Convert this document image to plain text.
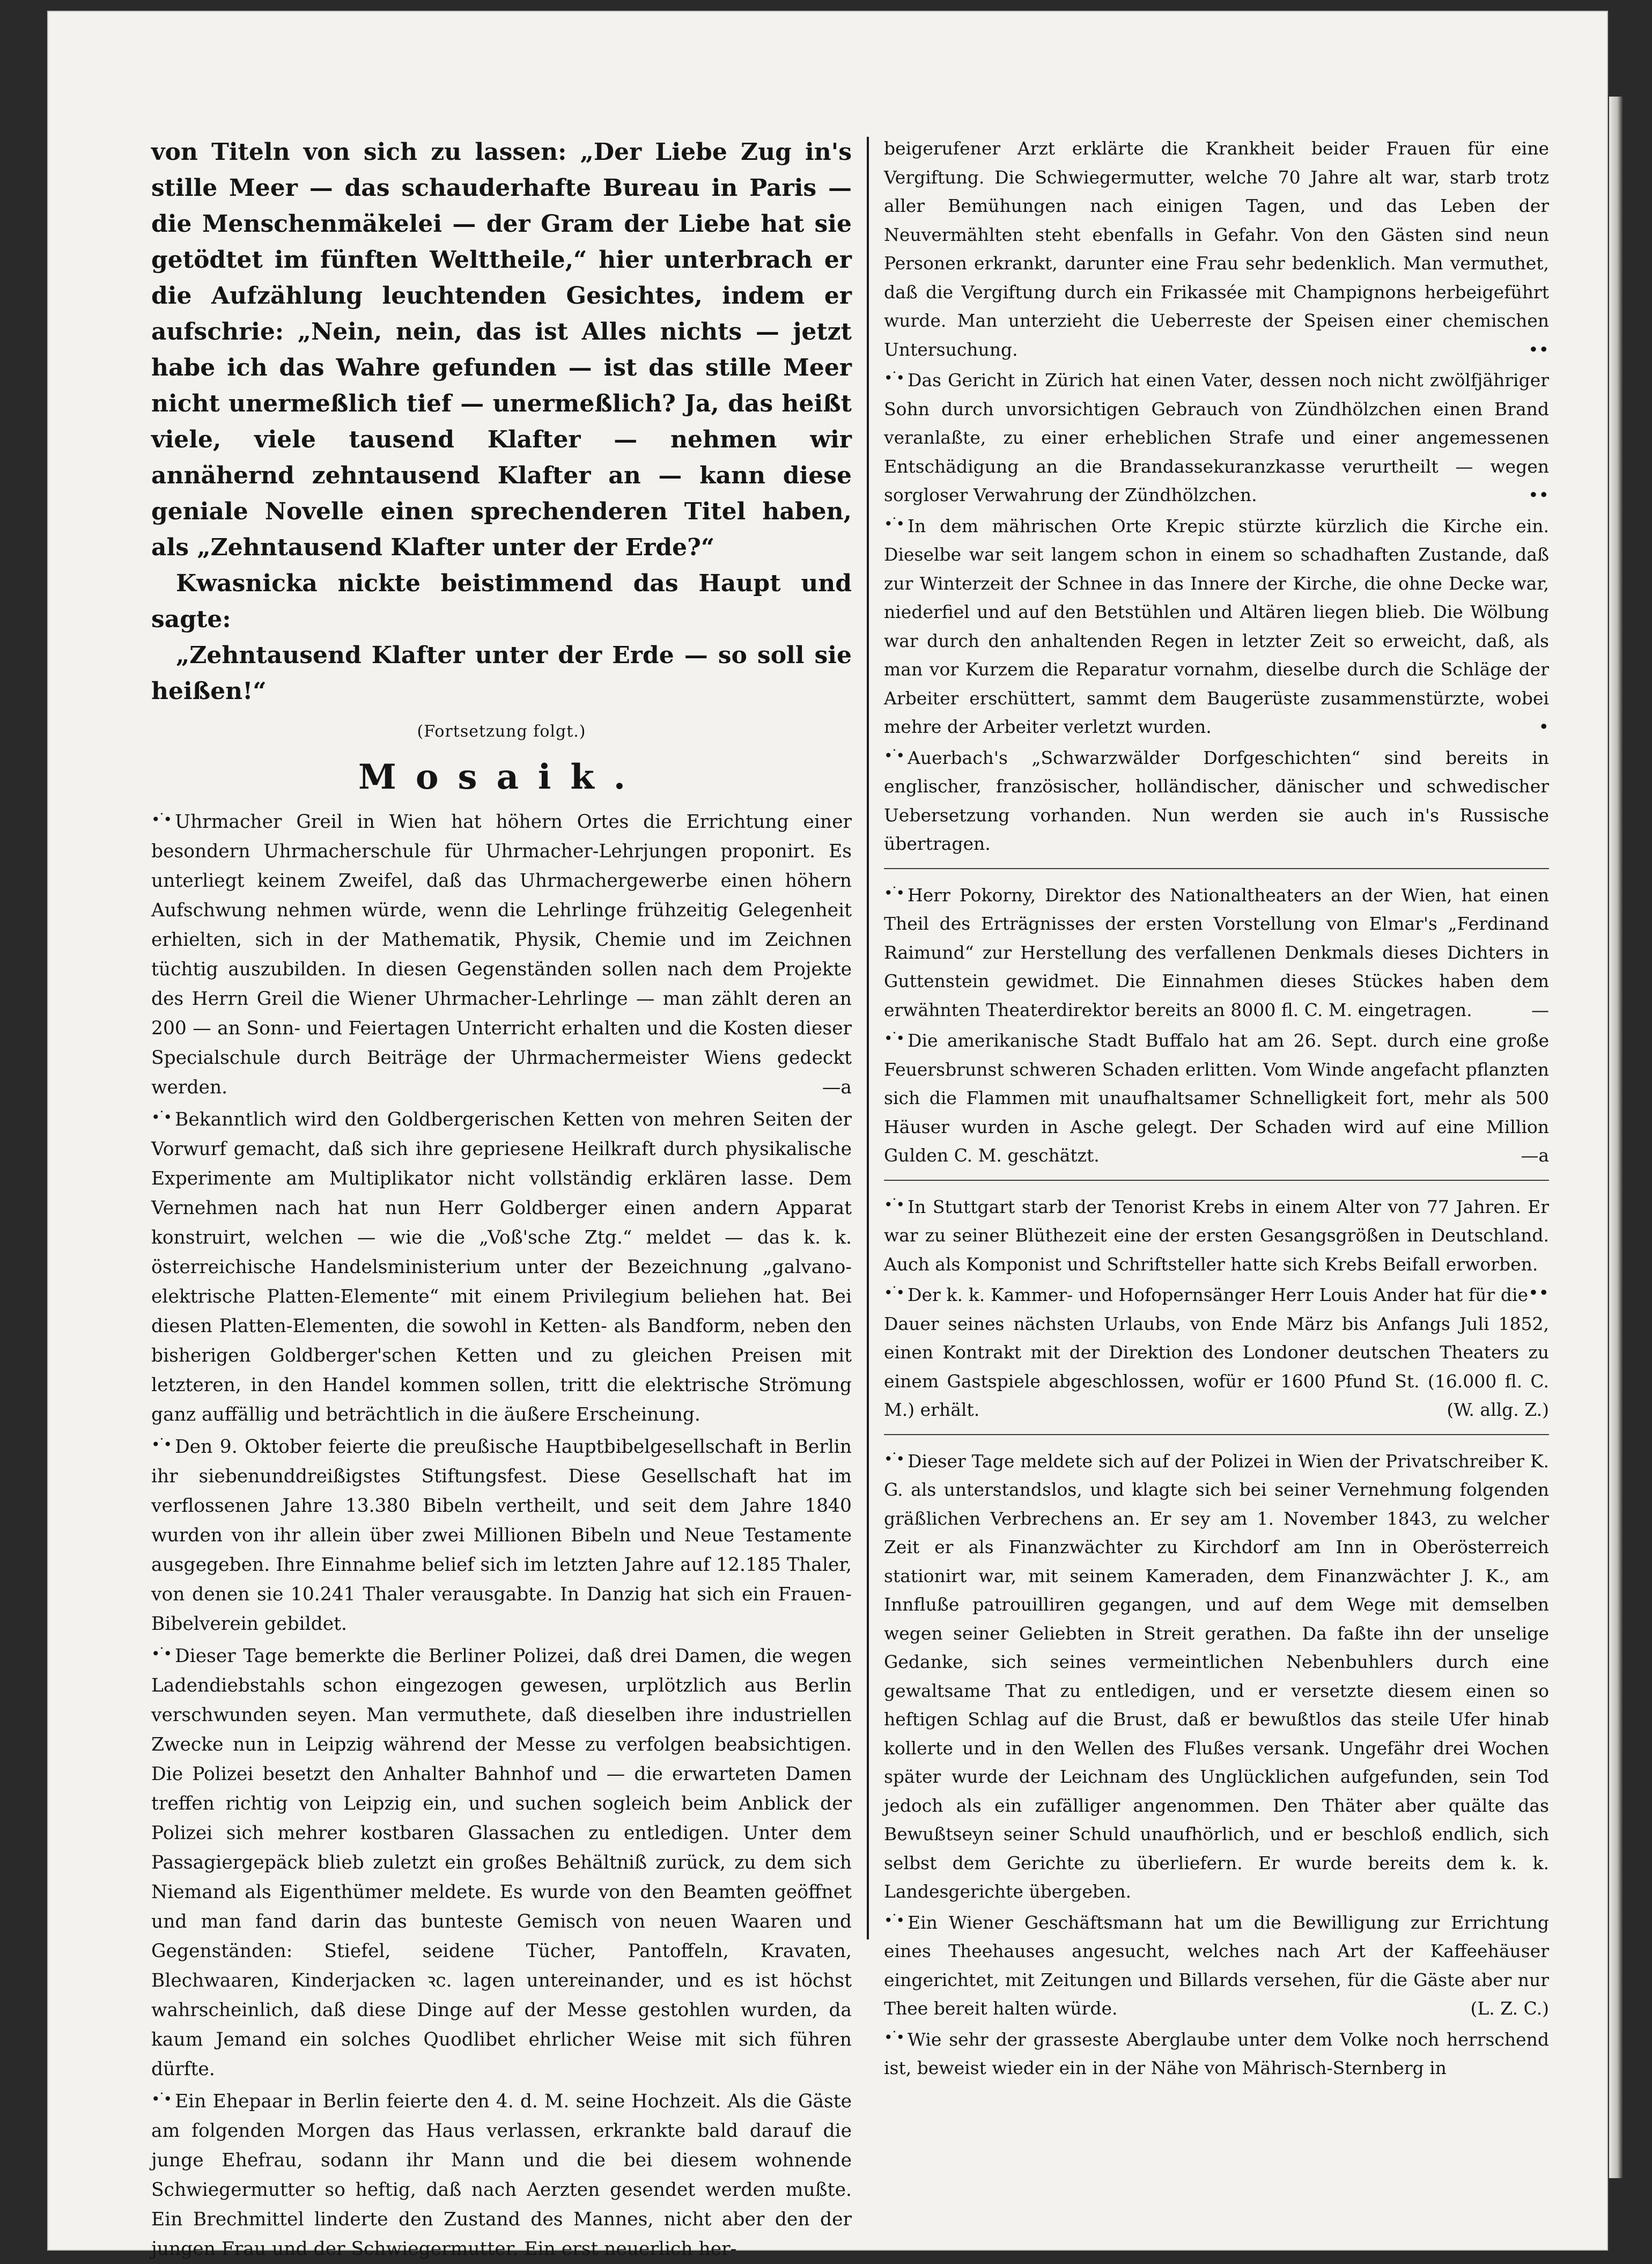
von Titeln von sich zu lassen: „Der Liebe Zug in's stille Meer — das schauderhafte Bureau in Paris — die Menschenmäkelei — der Gram der Liebe hat sie getödtet im fünften Welttheile,“ hier unterbrach er die Aufzählung leuchtenden Gesichtes, indem er aufschrie: „Nein, nein, das ist Alles nichts — jetzt habe ich das Wahre gefunden — ist das stille Meer nicht unermeßlich tief — unermeßlich? Ja, das heißt viele, viele tausend Klafter — nehmen wir annähernd zehntausend Klafter an — kann diese geniale Novelle einen sprechenderen Titel haben, als „Zehntausend Klafter unter der Erde?“

Kwasnicka nickte beistimmend das Haupt und sagte:

„Zehntausend Klafter unter der Erde — so soll sie heißen!“

(Fortsetzung folgt.)

Mosaik.

•˙• Uhrmacher Greil in Wien hat höhern Ortes die Errichtung einer besondern Uhrmacherschule für Uhrmacher-Lehrjungen proponirt. Es unterliegt keinem Zweifel, daß das Uhrmachergewerbe einen höhern Aufschwung nehmen würde, wenn die Lehrlinge frühzeitig Gelegenheit erhielten, sich in der Mathematik, Physik, Chemie und im Zeichnen tüchtig auszubilden. In diesen Gegenständen sollen nach dem Projekte des Herrn Greil die Wiener Uhrmacher-Lehrlinge — man zählt deren an 200 — an Sonn- und Feiertagen Unterricht erhalten und die Kosten dieser Specialschule durch Beiträge der Uhrmachermeister Wiens gedeckt werden.	—a

•˙• Bekanntlich wird den Goldbergerischen Ketten von mehren Seiten der Vorwurf gemacht, daß sich ihre gepriesene Heilkraft durch physikalische Experimente am Multiplikator nicht vollständig erklären lasse. Dem Vernehmen nach hat nun Herr Goldberger einen andern Apparat konstruirt, welchen — wie die „Voß'sche Ztg.“ meldet — das k. k. österreichische Handelsministerium unter der Bezeichnung „galvano-elektrische Platten-Elemente“ mit einem Privilegium beliehen hat. Bei diesen Platten-Elementen, die sowohl in Ketten- als Bandform, neben den bisherigen Goldberger'schen Ketten und zu gleichen Preisen mit letzteren, in den Handel kommen sollen, tritt die elektrische Strömung ganz auffällig und beträchtlich in die äußere Erscheinung.

•˙• Den 9. Oktober feierte die preußische Hauptbibelgesellschaft in Berlin ihr siebenunddreißigstes Stiftungsfest. Diese Gesellschaft hat im verflossenen Jahre 13.380 Bibeln vertheilt, und seit dem Jahre 1840 wurden von ihr allein über zwei Millionen Bibeln und Neue Testamente ausgegeben. Ihre Einnahme belief sich im letzten Jahre auf 12.185 Thaler, von denen sie 10.241 Thaler verausgabte. In Danzig hat sich ein Frauen-Bibelverein gebildet.

•˙• Dieser Tage bemerkte die Berliner Polizei, daß drei Damen, die wegen Ladendiebstahls schon eingezogen gewesen, urplötzlich aus Berlin verschwunden seyen. Man vermuthete, daß dieselben ihre industriellen Zwecke nun in Leipzig während der Messe zu verfolgen beabsichtigen. Die Polizei besetzt den Anhalter Bahnhof und — die erwarteten Damen treffen richtig von Leipzig ein, und suchen sogleich beim Anblick der Polizei sich mehrer kostbaren Glassachen zu entledigen. Unter dem Passagiergepäck blieb zuletzt ein großes Behältniß zurück, zu dem sich Niemand als Eigenthümer meldete. Es wurde von den Beamten geöffnet und man fand darin das bunteste Gemisch von neuen Waaren und Gegenständen: Stiefel, seidene Tücher, Pantoffeln, Kravaten, Blechwaaren, Kinderjacken ꝛc. lagen untereinander, und es ist höchst wahrscheinlich, daß diese Dinge auf der Messe gestohlen wurden, da kaum Jemand ein solches Quodlibet ehrlicher Weise mit sich führen dürfte.

•˙• Ein Ehepaar in Berlin feierte den 4. d. M. seine Hochzeit. Als die Gäste am folgenden Morgen das Haus verlassen, erkrankte bald darauf die junge Ehefrau, sodann ihr Mann und die bei diesem wohnende Schwiegermutter so heftig, daß nach Aerzten gesendet werden mußte. Ein Brechmittel linderte den Zustand des Mannes, nicht aber den der jungen Frau und der Schwiegermutter. Ein erst neuerlich her-

beigerufener Arzt erklärte die Krankheit beider Frauen für eine Vergiftung. Die Schwiegermutter, welche 70 Jahre alt war, starb trotz aller Bemühungen nach einigen Tagen, und das Leben der Neuvermählten steht ebenfalls in Gefahr. Von den Gästen sind neun Personen erkrankt, darunter eine Frau sehr bedenklich. Man vermuthet, daß die Vergiftung durch ein Frikassée mit Champignons herbeigeführt wurde. Man unterzieht die Ueberreste der Speisen einer chemischen Untersuchung.	••

•˙• Das Gericht in Zürich hat einen Vater, dessen noch nicht zwölfjähriger Sohn durch unvorsichtigen Gebrauch von Zündhölzchen einen Brand veranlaßte, zu einer erheblichen Strafe und einer angemessenen Entschädigung an die Brandassekuranzkasse verurtheilt — wegen sorgloser Verwahrung der Zündhölzchen.	••

•˙• In dem mährischen Orte Krepic stürzte kürzlich die Kirche ein. Dieselbe war seit langem schon in einem so schadhaften Zustande, daß zur Winterzeit der Schnee in das Innere der Kirche, die ohne Decke war, niederfiel und auf den Betstühlen und Altären liegen blieb. Die Wölbung war durch den anhaltenden Regen in letzter Zeit so erweicht, daß, als man vor Kurzem die Reparatur vornahm, dieselbe durch die Schläge der Arbeiter erschüttert, sammt dem Baugerüste zusammenstürzte, wobei mehre der Arbeiter verletzt wurden.	•

•˙• Auerbach's „Schwarzwälder Dorfgeschichten“ sind bereits in englischer, französischer, holländischer, dänischer und schwedischer Uebersetzung vorhanden. Nun werden sie auch in's Russische übertragen.

•˙• Herr Pokorny, Direktor des Nationaltheaters an der Wien, hat einen Theil des Erträgnisses der ersten Vorstellung von Elmar's „Ferdinand Raimund“ zur Herstellung des verfallenen Denkmals dieses Dichters in Guttenstein gewidmet. Die Einnahmen dieses Stückes haben dem erwähnten Theaterdirektor bereits an 8000 fl. C. M. eingetragen.	—

•˙• Die amerikanische Stadt Buffalo hat am 26. Sept. durch eine große Feuersbrunst schweren Schaden erlitten. Vom Winde angefacht pflanzten sich die Flammen mit unaufhaltsamer Schnelligkeit fort, mehr als 500 Häuser wurden in Asche gelegt. Der Schaden wird auf eine Million Gulden C. M. geschätzt.	—a

•˙• In Stuttgart starb der Tenorist Krebs in einem Alter von 77 Jahren. Er war zu seiner Blüthezeit eine der ersten Gesangsgrößen in Deutschland. Auch als Komponist und Schriftsteller hatte sich Krebs Beifall erworben.
••

•˙• Der k. k. Kammer- und Hofopernsänger Herr Louis Ander hat für die Dauer seines nächsten Urlaubs, von Ende März bis Anfangs Juli 1852, einen Kontrakt mit der Direktion des Londoner deutschen Theaters zu einem Gastspiele abgeschlossen, wofür er 1600 Pfund St. (16.000 fl. C. M.) erhält.	(W. allg. Z.)

•˙• Dieser Tage meldete sich auf der Polizei in Wien der Privatschreiber K. G. als unterstandslos, und klagte sich bei seiner Vernehmung folgenden gräßlichen Verbrechens an. Er sey am 1. November 1843, zu welcher Zeit er als Finanzwächter zu Kirchdorf am Inn in Oberösterreich stationirt war, mit seinem Kameraden, dem Finanzwächter J. K., am Innfluße patrouilliren gegangen, und auf dem Wege mit demselben wegen seiner Geliebten in Streit gerathen. Da faßte ihn der unselige Gedanke, sich seines vermeintlichen Nebenbuhlers durch eine gewaltsame That zu entledigen, und er versetzte diesem einen so heftigen Schlag auf die Brust, daß er bewußtlos das steile Ufer hinab kollerte und in den Wellen des Flußes versank. Ungefähr drei Wochen später wurde der Leichnam des Unglücklichen aufgefunden, sein Tod jedoch als ein zufälliger angenommen. Den Thäter aber quälte das Bewußtseyn seiner Schuld unaufhörlich, und er beschloß endlich, sich selbst dem Gerichte zu überliefern. Er wurde bereits dem k. k. Landesgerichte übergeben.

•˙• Ein Wiener Geschäftsmann hat um die Bewilligung zur Errichtung eines Theehauses angesucht, welches nach Art der Kaffeehäuser eingerichtet, mit Zeitungen und Billards versehen, für die Gäste aber nur Thee bereit halten würde.	(L. Z. C.)

•˙• Wie sehr der grasseste Aberglaube unter dem Volke noch herrschend ist, beweist wieder ein in der Nähe von Mährisch-Sternberg in
